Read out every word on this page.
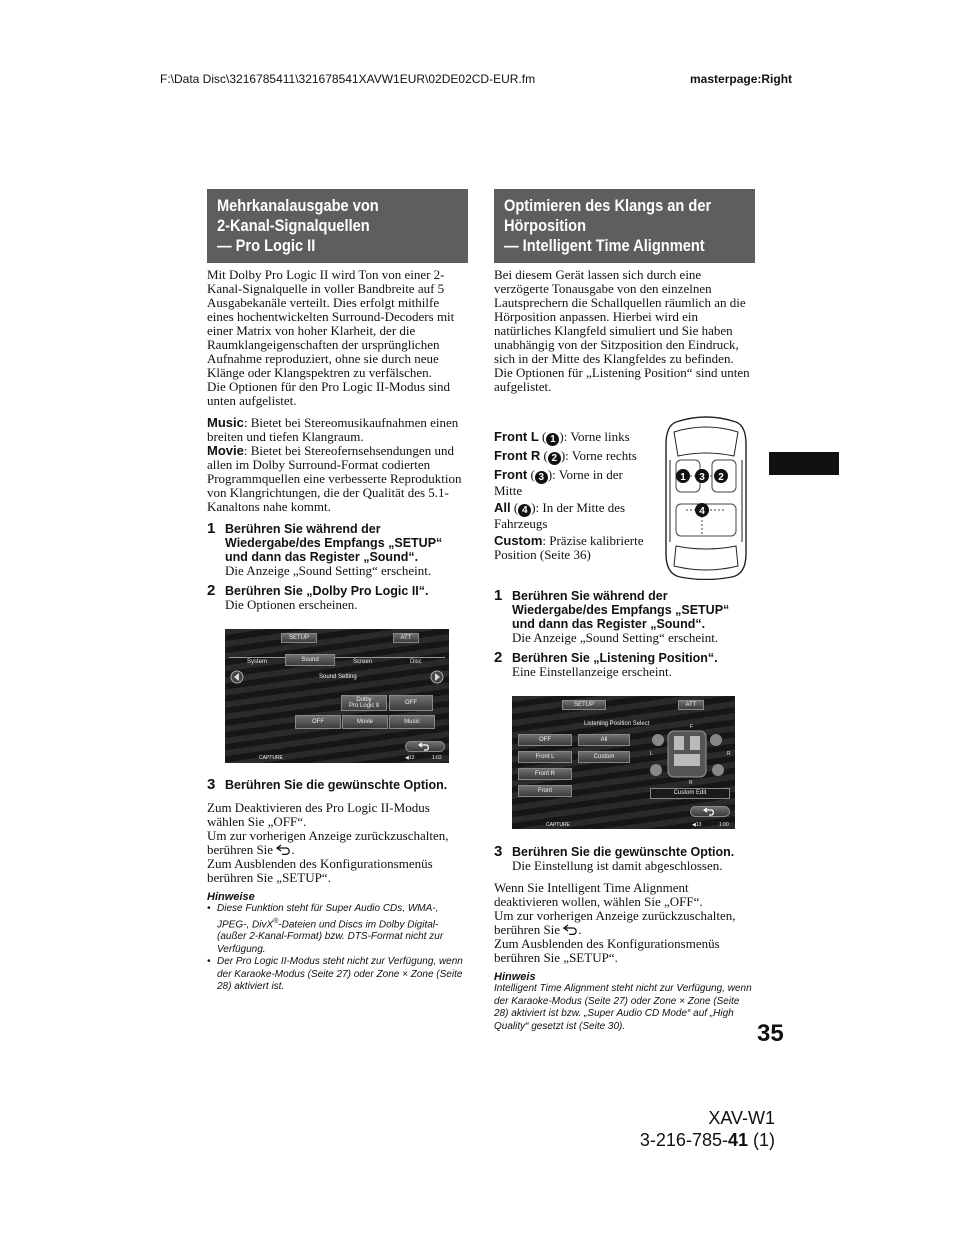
F:\Data Disc\3216785411\321678541XAVW1EUR\02DE02CD-EUR.fm	masterpage:Right
Mehrkanalausgabe von
2-Kanal-Signalquellen
— Pro Logic II

Mit Dolby Pro Logic II wird Ton von einer 2-Kanal-Signalquelle in voller Bandbreite auf 5 Ausgabekanäle verteilt. Dies erfolgt mithilfe eines hochentwickelten Surround-Decoders mit einer Matrix von hoher Klarheit, der die Raumklangeigenschaften der ursprünglichen Aufnahme reproduziert, ohne sie durch neue Klänge oder Klangspektren zu verfälschen.

Die Optionen für den Pro Logic II-Modus sind unten aufgelistet.

Music: Bietet bei Stereomusikaufnahmen einen breiten und tiefen Klangraum.

Movie: Bietet bei Stereofernsehsendungen und allen im Dolby Surround-Format codierten Programmquellen eine verbesserte Reproduktion von Klangrichtungen, die der Qualität des 5.1-Kanaltons nahe kommt.

1 Berühren Sie während der Wiedergabe/des Empfangs „SETUP“ und dann das Register „Sound“.
Die Anzeige „Sound Setting“ erscheint.
2 Berühren Sie „Dolby Pro Logic II“.
Die Optionen erscheinen.
SETUP	ATT
System	Sound	Screen	Disc
Sound Setting
Dolby
Pro Logic Ⅱ	OFF
OFF	Movie	Music
CAPTURE	◀13	1:02
3 Berühren Sie die gewünschte Option.

Zum Deaktivieren des Pro Logic II-Modus wählen Sie „OFF“.

Um zur vorherigen Anzeige zurückzuschalten, berühren Sie .

Zum Ausblenden des Konfigurationsmenüs berühren Sie „SETUP“.

Hinweise
• Diese Funktion steht für Super Audio CDs, WMA-, JPEG-, DivX®-Dateien und Discs im Dolby Digital- (außer 2-Kanal-Format) bzw. DTS-Format nicht zur Verfügung.
• Der Pro Logic II-Modus steht nicht zur Verfügung, wenn der Karaoke-Modus (Seite 27) oder Zone × Zone (Seite 28) aktiviert ist.
Optimieren des Klangs an der
Hörposition
— Intelligent Time Alignment

Bei diesem Gerät lassen sich durch eine verzögerte Tonausgabe von den einzelnen Lautsprechern die Schallquellen räumlich an die Hörposition anpassen. Hierbei wird ein natürliches Klangfeld simuliert und Sie haben unabhängig von der Sitzposition den Eindruck, sich in der Mitte des Klangfeldes zu befinden.

Die Optionen für „Listening Position“ sind unten aufgelistet.

Front L ( 1 ): Vorne links

Front R ( 2 ): Vorne rechts

Front ( 3 ): Vorne in der Mitte

All ( 4 ): In der Mitte des Fahrzeugs

Custom: Präzise kalibrierte Position (Seite 36)

1 3 2
4
1 Berühren Sie während der Wiedergabe/des Empfangs „SETUP“ und dann das Register „Sound“.
Die Anzeige „Sound Setting“ erscheint.
2 Berühren Sie „Listening Position“.
Eine Einstellanzeige erscheint.
SETUP	ATT
Listening Position Select
OFF	All
Front L	Custom
Front R
Front
F
L	R
R
Custom Edit
CAPTURE	◀13	1:00
3 Berühren Sie die gewünschte Option.
Die Einstellung ist damit abgeschlossen.

Wenn Sie Intelligent Time Alignment deaktivieren wollen, wählen Sie „OFF“.

Um zur vorherigen Anzeige zurückzuschalten, berühren Sie .

Zum Ausblenden des Konfigurationsmenüs berühren Sie „SETUP“.

Hinweis
Intelligent Time Alignment steht nicht zur Verfügung, wenn der Karaoke-Modus (Seite 27) oder Zone × Zone (Seite 28) aktiviert ist bzw. „Super Audio CD Mode“ auf „High Quality“ gesetzt ist (Seite 30).	35
XAV-W1
3-216-785-41 (1)
